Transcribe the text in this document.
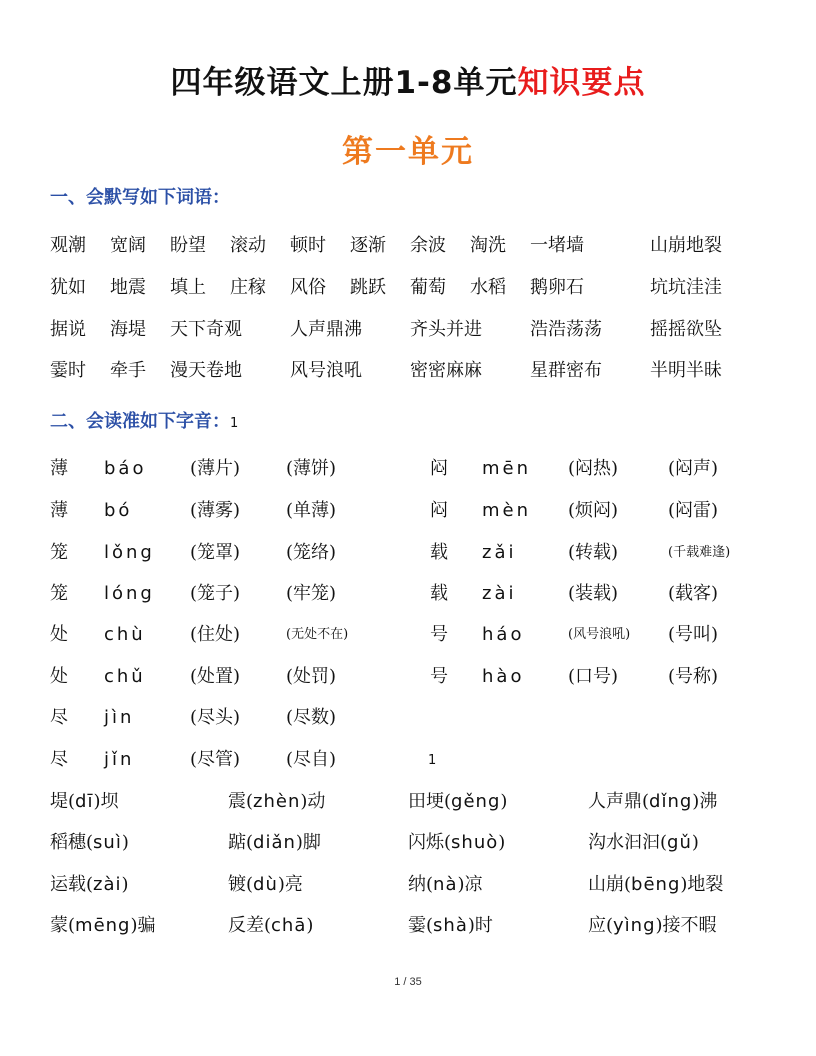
四年级语文上册1-8单元知识要点
第一单元
一、会默写如下词语：
观潮 宽阔 盼望 滚动 顿时 逐渐 余波 淘洗 一堵墙	山崩地裂
犹如 地震 填上 庄稼 风俗 跳跃 葡萄 水稻 鹅卵石	坑坑洼洼
据说 海堤 天下奇观	人声鼎沸	齐头并进	浩浩荡荡	摇摇欲坠
霎时 牵手 漫天卷地	风号浪吼	密密麻麻	星群密布	半明半昧
二、会读准如下字音：1
薄 báo (薄片)	(薄饼)	闷 mēn (闷热)	(闷声)
薄 bó	(薄雾)	(单薄)	闷 mèn (烦闷)	(闷雷)
笼 lǒng (笼罩)	(笼络)	载 zǎi	(转载)	(千载难逢)
笼 lóng (笼子)	(牢笼)	载 zài	(装载)	(载客)
处 chù (住处)	(无处不在)	号 háo	(风号浪吼) (号叫)
处 chǔ (处置)	(处罚)	号 hào (口号)	(号称)
尽 jìn	(尽头)	(尽数)
尽 jǐn	(尽管)	(尽自)	1
堤(dī)坝	震(zhèn)动	田埂(gěng)	人声鼎(dǐng)沸
稻穗(suì)	踮(diǎn)脚	闪烁(shuò)	沟水汩汩(gǔ)
运载(zài)	镀(dù)亮	纳(nà)凉	山崩(bēng)地裂
蒙(mēng)骗	反差(chā)	霎(shà)时	应(yìng)接不暇
1 / 35
